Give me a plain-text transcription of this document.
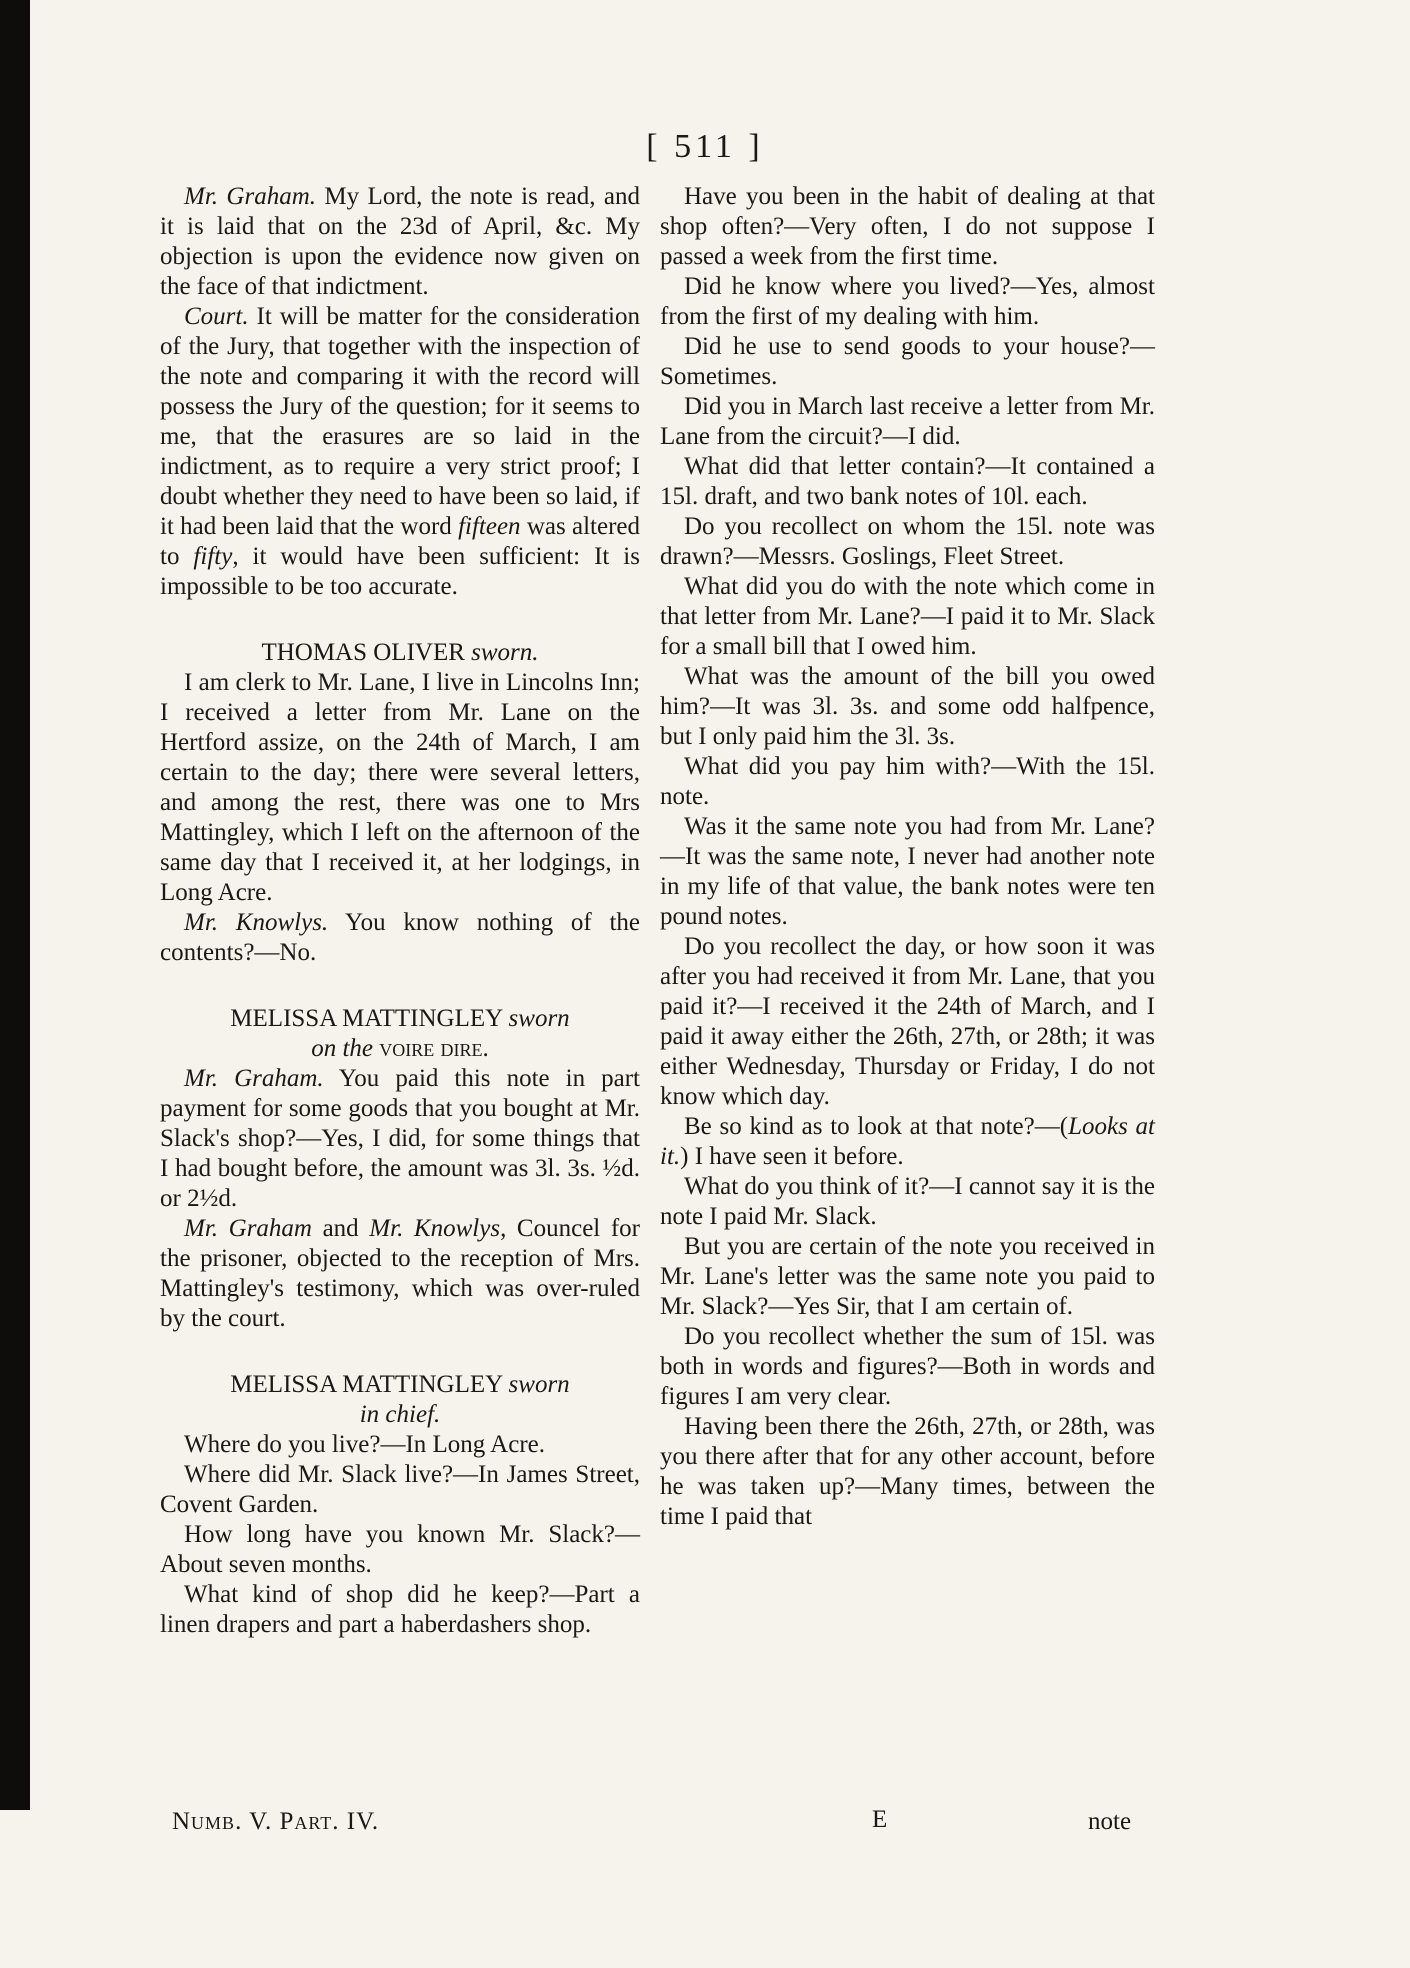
[ 511 ]

Mr. Graham. My Lord, the note is read, and it is laid that on the 23d of April, &c. My objection is upon the evidence now given on the face of that indictment.

Court. It will be matter for the consideration of the Jury, that together with the inspection of the note and comparing it with the record will possess the Jury of the question; for it seems to me, that the erasures are so laid in the indictment, as to require a very strict proof; I doubt whether they need to have been so laid, if it had been laid that the word fifteen was altered to fifty, it would have been sufficient: It is impossible to be too accurate.

THOMAS OLIVER sworn.

I am clerk to Mr. Lane, I live in Lincolns Inn; I received a letter from Mr. Lane on the Hertford assize, on the 24th of March, I am certain to the day; there were several letters, and among the rest, there was one to Mrs Mattingley, which I left on the afternoon of the same day that I received it, at her lodgings, in Long Acre.

Mr. Knowlys. You know nothing of the contents?—No.

MELISSA MATTINGLEY sworn
on the voire dire.

Mr. Graham. You paid this note in part payment for some goods that you bought at Mr. Slack's shop?—Yes, I did, for some things that I had bought before, the amount was 3l. 3s. ½d. or 2½d.

Mr. Graham and Mr. Knowlys, Councel for the prisoner, objected to the reception of Mrs. Mattingley's testimony, which was over-ruled by the court.

MELISSA MATTINGLEY sworn
in chief.

Where do you live?—In Long Acre.

Where did Mr. Slack live?—In James Street, Covent Garden.

How long have you known Mr. Slack?—About seven months.

What kind of shop did he keep?—Part a linen drapers and part a haberdashers shop.

Have you been in the habit of dealing at that shop often?—Very often, I do not suppose I passed a week from the first time.

Did he know where you lived?—Yes, almost from the first of my dealing with him.

Did he use to send goods to your house?—Sometimes.

Did you in March last receive a letter from Mr. Lane from the circuit?—I did.

What did that letter contain?—It contained a 15l. draft, and two bank notes of 10l. each.

Do you recollect on whom the 15l. note was drawn?—Messrs. Goslings, Fleet Street.

What did you do with the note which come in that letter from Mr. Lane?—I paid it to Mr. Slack for a small bill that I owed him.

What was the amount of the bill you owed him?—It was 3l. 3s. and some odd halfpence, but I only paid him the 3l. 3s.

What did you pay him with?—With the 15l. note.

Was it the same note you had from Mr. Lane?—It was the same note, I never had another note in my life of that value, the bank notes were ten pound notes.

Do you recollect the day, or how soon it was after you had received it from Mr. Lane, that you paid it?—I received it the 24th of March, and I paid it away either the 26th, 27th, or 28th; it was either Wednesday, Thursday or Friday, I do not know which day.

Be so kind as to look at that note?—(Looks at it.) I have seen it before.

What do you think of it?—I cannot say it is the note I paid Mr. Slack.

But you are certain of the note you received in Mr. Lane's letter was the same note you paid to Mr. Slack?—Yes Sir, that I am certain of.

Do you recollect whether the sum of 15l. was both in words and figures?—Both in words and figures I am very clear.

Having been there the 26th, 27th, or 28th, was you there after that for any other account, before he was taken up?—Many times, between the time I paid that

Numb. V. Part. IV.	E	note
